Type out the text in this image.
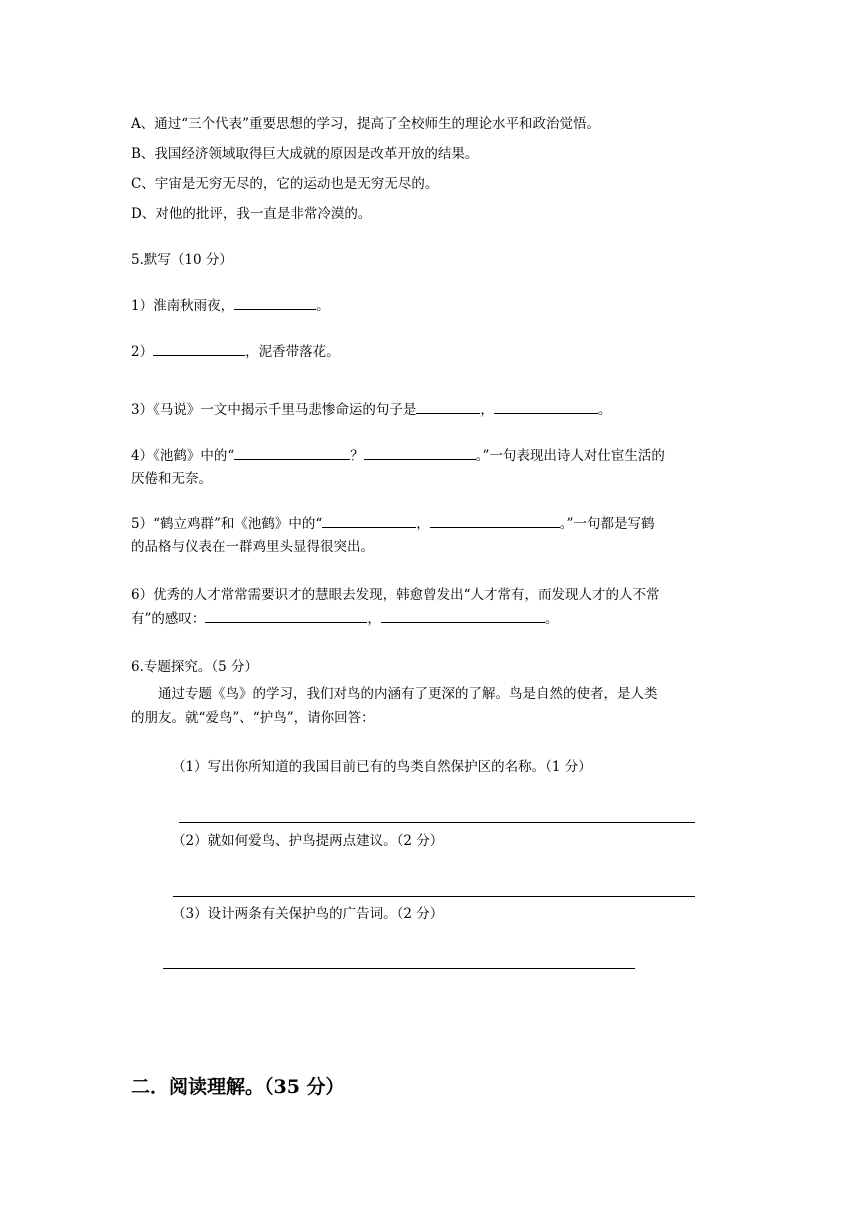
A、通过“三个代表”重要思想的学习，提高了全校师生的理论水平和政治觉悟。
B、我国经济领域取得巨大成就的原因是改革开放的结果。
C、宇宙是无穷无尽的，它的运动也是无穷无尽的。
D、对他的批评，我一直是非常冷漠的。
5.默写（10 分）
1）淮南秋雨夜，	。
2）	，泥香带落花。
3）《马说》一文中揭示千里马悲惨命运的句子是	，	。
4）《池鹤》中的“	？	。”一句表现出诗人对仕宦生活的
厌倦和无奈。
5）“鹤立鸡群”和《池鹤》中的“	，	。”一句都是写鹤
的品格与仪表在一群鸡里头显得很突出。
6）优秀的人才常常需要识才的慧眼去发现，韩愈曾发出“人才常有，而发现人才的人不常
有”的感叹：	，	。
6.专题探究。（5 分）
通过专题《鸟》的学习，我们对鸟的内涵有了更深的了解。鸟是自然的使者，是人类
的朋友。就“爱鸟”、“护鸟”，请你回答：
（1）写出你所知道的我国目前已有的鸟类自然保护区的名称。（1 分）
（2）就如何爱鸟、护鸟提两点建议。（2 分）
（3）设计两条有关保护鸟的广告词。（2 分）
二．阅读理解。（35 分）
